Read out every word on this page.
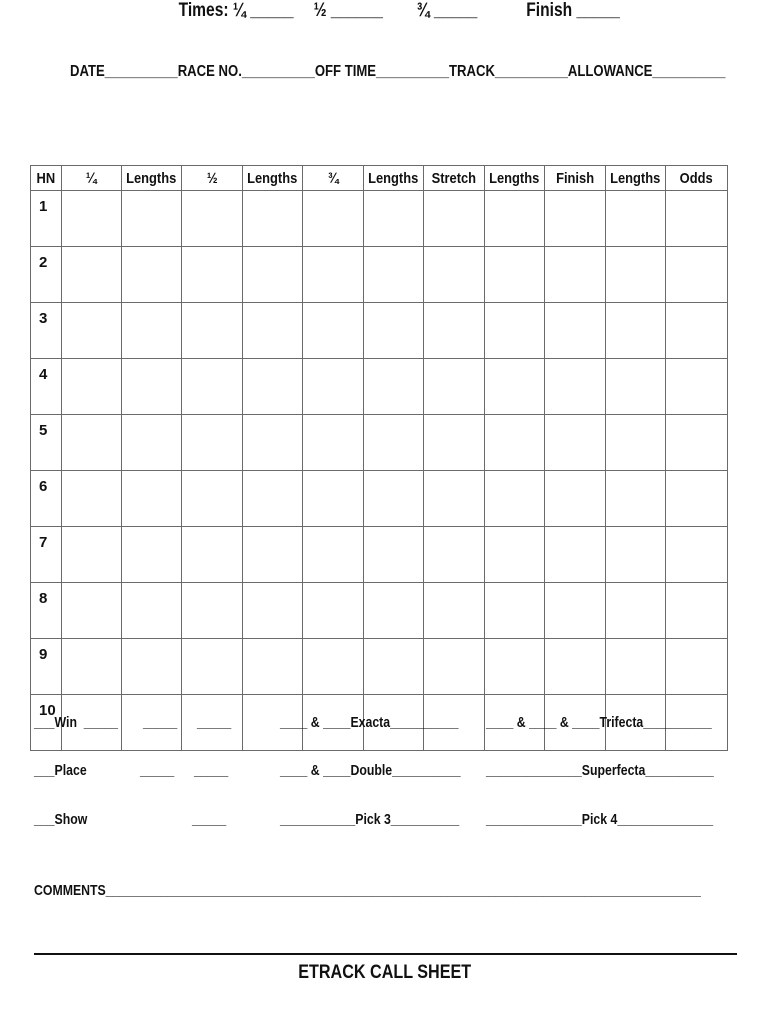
DATE__________RACE NO.__________OFF TIME__________TRACK__________ALLOWANCE__________
Times: ¼ _____ ½ ______ ¾ _____	Finish _____
HN	¼	Lengths	½	Lengths	¾	Lengths	Stretch	Lengths	Finish	Lengths	Odds
1											
2											
3											
4											
5											
6											
7											
8											
9											
10											
___Win  _____ _____ _____	____ & ____Exacta__________ ____ & ____ & ____Trifecta__________
___Place	_____ _____	____ & ____Double__________ ______________Superfecta__________
___Show	_____	___________Pick 3__________ ______________Pick 4______________
COMMENTS_______________________________________________________________________________________
ETRACK CALL SHEET
